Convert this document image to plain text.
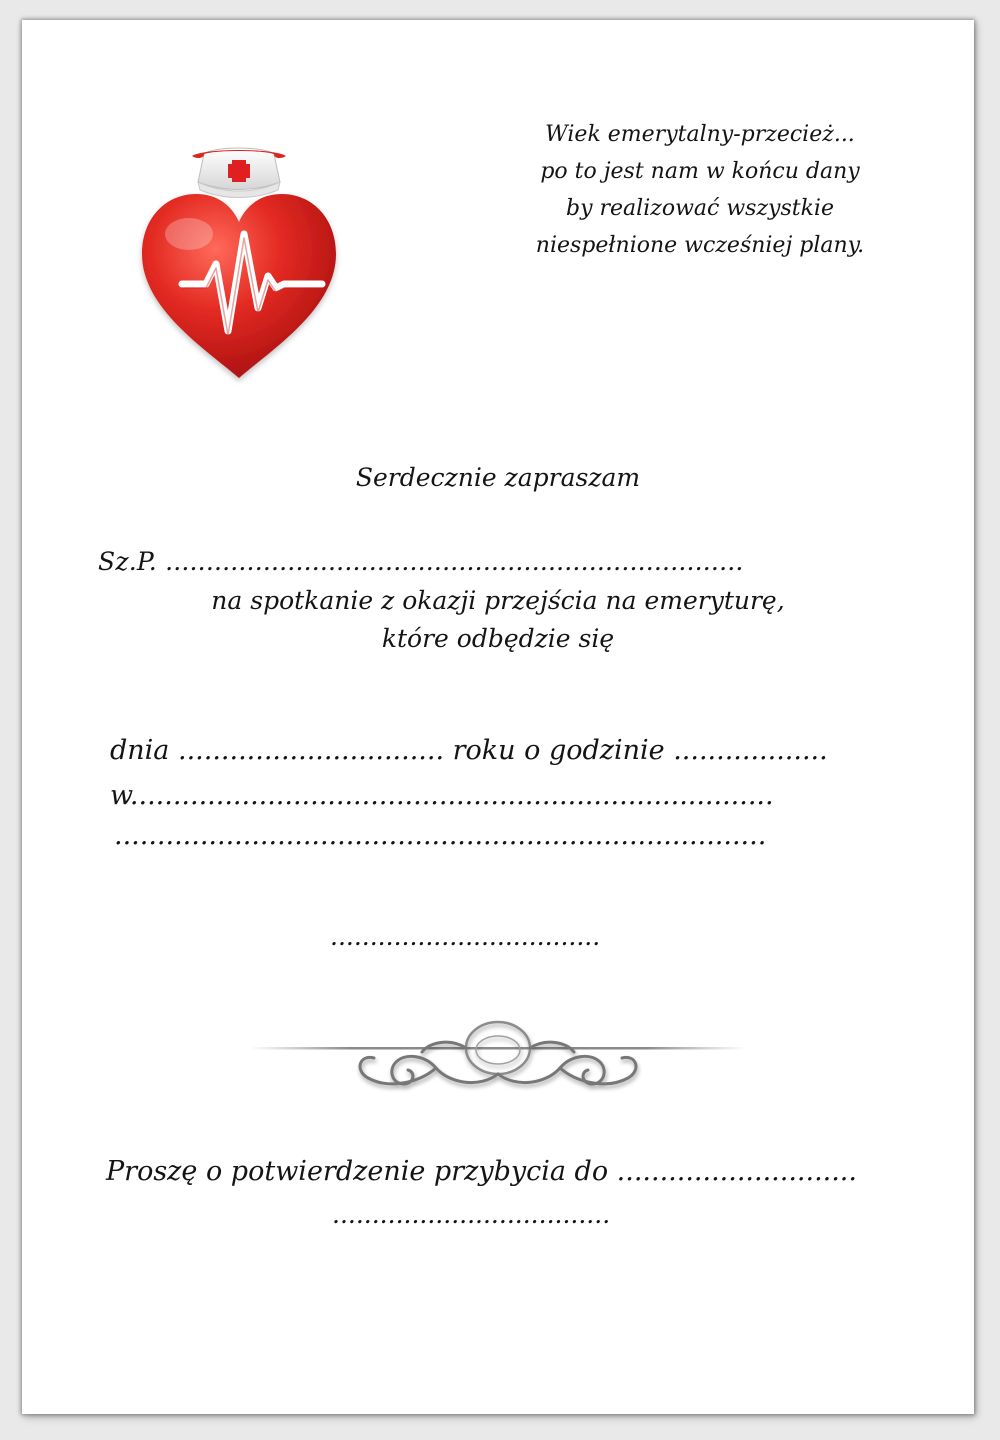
Wiek emerytalny-przecież...
po to jest nam w końcu dany
by realizować wszystkie
niespełnione wcześniej plany.
Serdecznie zapraszam
Sz.P. .......................................................................
na spotkanie z okazji przejścia na emeryturę,
które odbędzie się
dnia ............................... roku o godzinie ..................
w...........................................................................
............................................................................
..................................
Proszę o potwierdzenie przybycia do ............................
...................................
